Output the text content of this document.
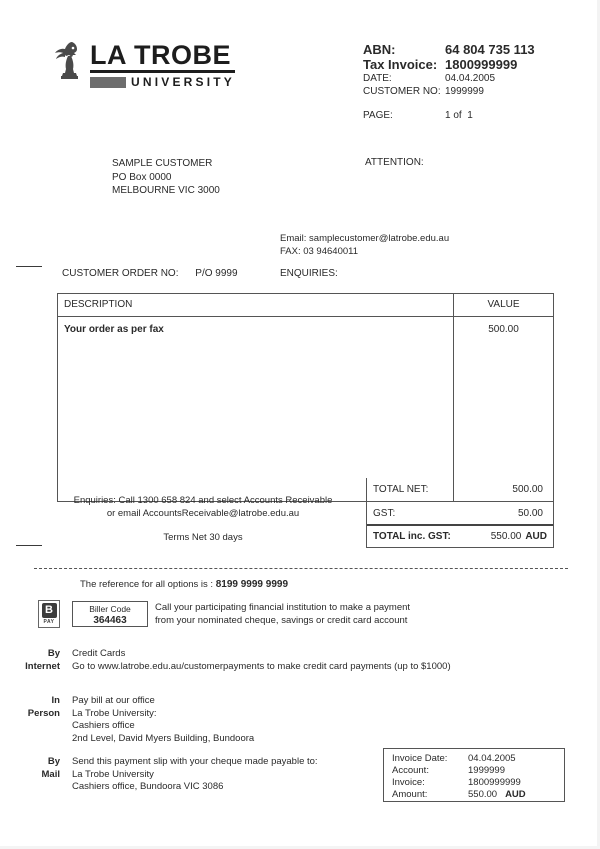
LA TROBE
UNIVERSITY
ABN:	64 804 735 113
Tax Invoice: 1800999999
DATE:	04.04.2005
CUSTOMER NO: 1999999
PAGE:	1 of  1
SAMPLE CUSTOMER
PO Box 0000
MELBOURNE VIC 3000
ATTENTION:
Email: samplecustomer@latrobe.edu.au
FAX: 03 94640011
CUSTOMER ORDER NO: P/O 9999	ENQUIRIES:
DESCRIPTION	VALUE
Your order as per fax	500.00
TOTAL NET:	500.00
GST:	50.00
TOTAL inc. GST:	550.00 AUD
Enquiries: Call 1300 658 824 and select Accounts Receivable
or email AccountsReceivable@latrobe.edu.au
Terms Net 30 days
The reference for all options is : 8199 9999 9999
B
PAY
Biller Code
364463
Call your participating financial institution to make a payment
from your nominated cheque, savings or credit card account
By
Internet
Credit Cards
Go to www.latrobe.edu.au/customerpayments to make credit card payments (up to $1000)
In
Person
Pay bill at our office
La Trobe University:
Cashiers office
2nd Level, David Myers Building, Bundoora
By
Mail
Send this payment slip with your cheque made payable to:
La Trobe University
Cashiers office, Bundoora VIC 3086
Invoice Date:	04.04.2005
Account:	1999999
Invoice:	1800999999
Amount:	550.00 AUD
